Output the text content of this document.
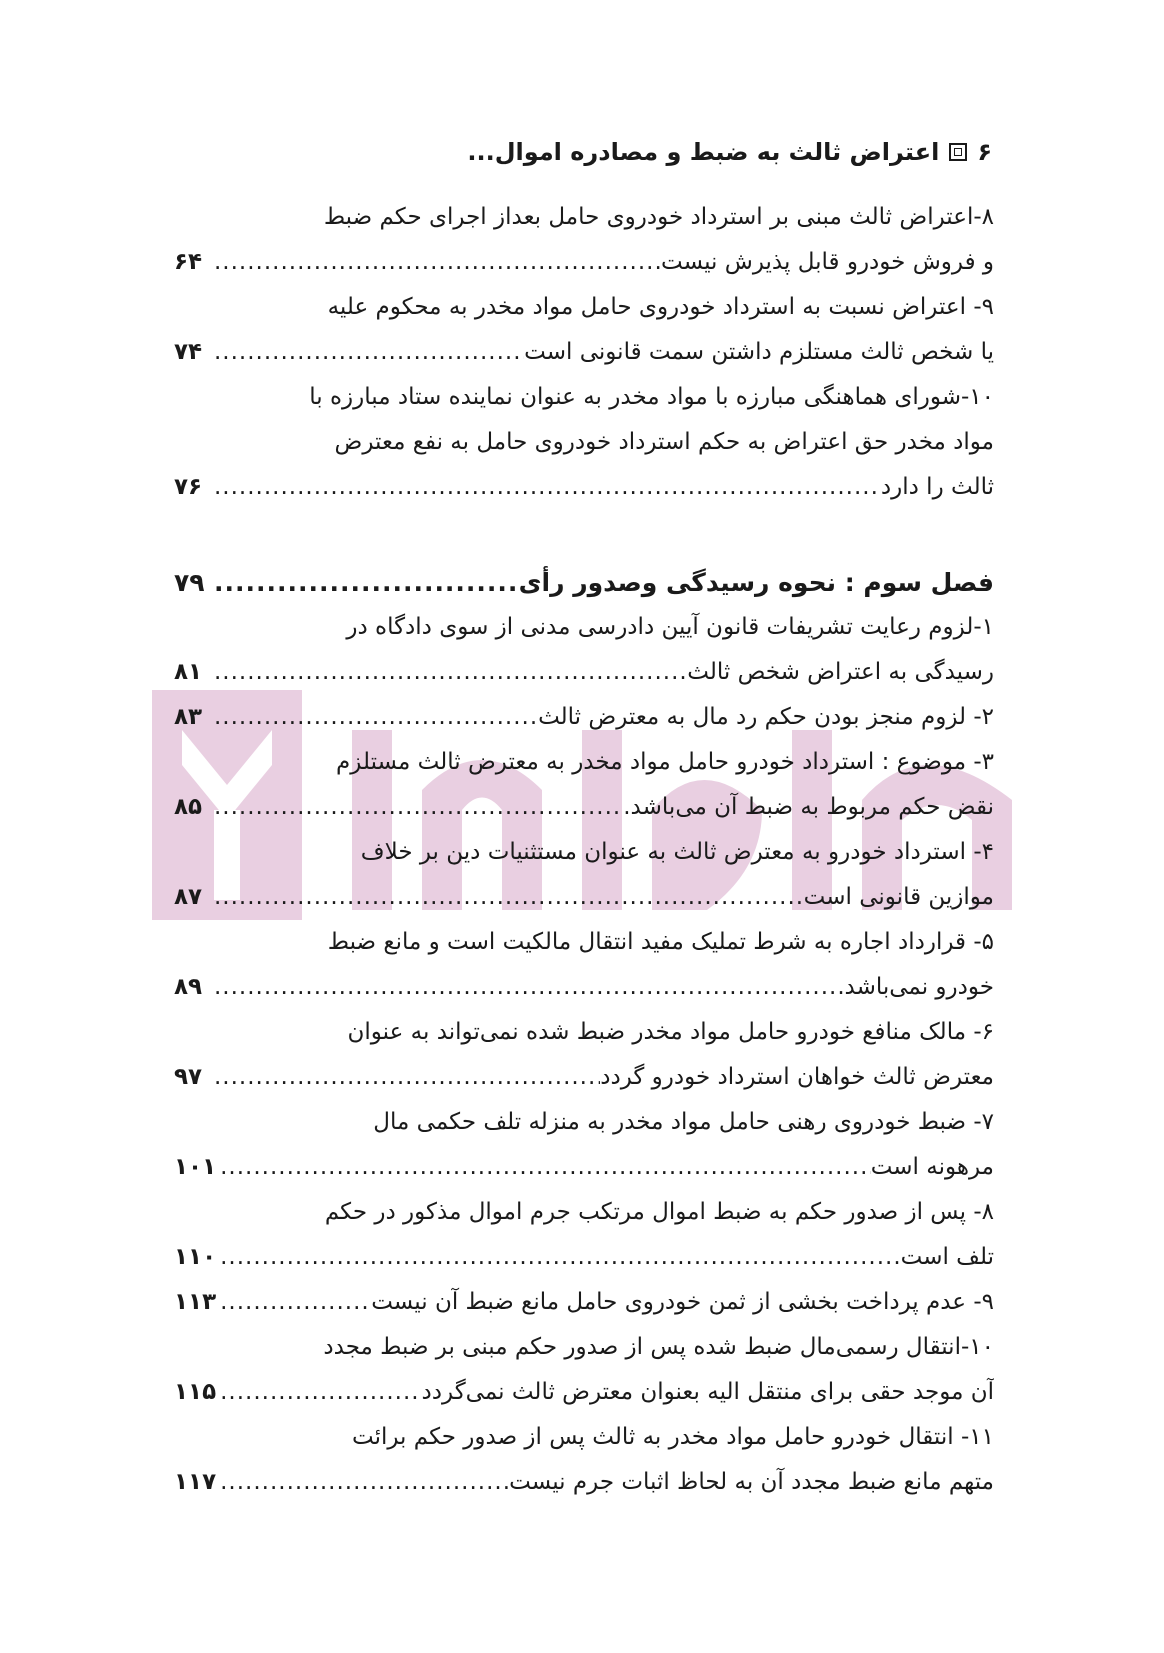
۶
اعتراض ثالث به ضبط و مصادره اموال...
۸-اعتراض ثالث مبنی بر استرداد خودروی حامل بعداز اجرای حکم ضبط
و فروش خودرو قابل پذیرش نیست
.....
۶۴
۹- اعتراض نسبت به استرداد خودروی حامل مواد مخدر به محکوم علیه
یا شخص ثالث مستلزم داشتن سمت قانونی است
.....
۷۴
۱۰-شورای هماهنگی مبارزه با مواد مخدر به عنوان نماینده ستاد مبارزه با
مواد مخدر حق اعتراض به حکم استرداد خودروی حامل به نفع معترض
ثالث را دارد
.....
۷۶
فصل سوم : نحوه رسیدگی وصدور رأی
.....
۷۹
۱-لزوم رعایت تشریفات قانون آیین دادرسی مدنی از سوی دادگاه در
رسیدگی به اعتراض شخص ثالث
.....
۸۱
۲- لزوم منجز بودن حکم رد مال به معترض ثالث
.....
۸۳
۳- موضوع : استرداد خودرو حامل مواد مخدر به معترض ثالث مستلزم
نقض حکم مربوط به ضبط آن می‌باشد.
.....
۸۵
۴- استرداد خودرو به معترض ثالث به عنوان مستثنیات دین بر خلاف
موازین قانونی است
.....
۸۷
۵- قرارداد اجاره به شرط تملیک مفید انتقال مالکیت است و مانع ضبط
خودرو نمی‌باشد
.....
۸۹
۶- مالک منافع خودرو حامل مواد مخدر ضبط شده نمی‌تواند به عنوان
معترض ثالث خواهان استرداد خودرو گردد
.....
۹۷
۷- ضبط خودروی رهنی حامل مواد مخدر به منزله تلف حکمی مال
مرهونه است
.....
۱۰۱
۸- پس از صدور حکم به ضبط اموال مرتکب جرم اموال مذکور در حکم
تلف است
.....
۱۱۰
۹- عدم پرداخت بخشی از ثمن خودروی حامل مانع ضبط آن نیست
.....
۱۱۳
۱۰-انتقال رسمی‌مال ضبط شده پس از صدور حکم مبنی بر ضبط مجدد
آن موجد حقی برای منتقل الیه بعنوان معترض ثالث نمی‌گردد
.....
۱۱۵
۱۱- انتقال خودرو حامل مواد مخدر به ثالث پس از صدور حکم برائت
متهم مانع ضبط مجدد آن به لحاظ اثبات جرم نیست
.....
۱۱۷
